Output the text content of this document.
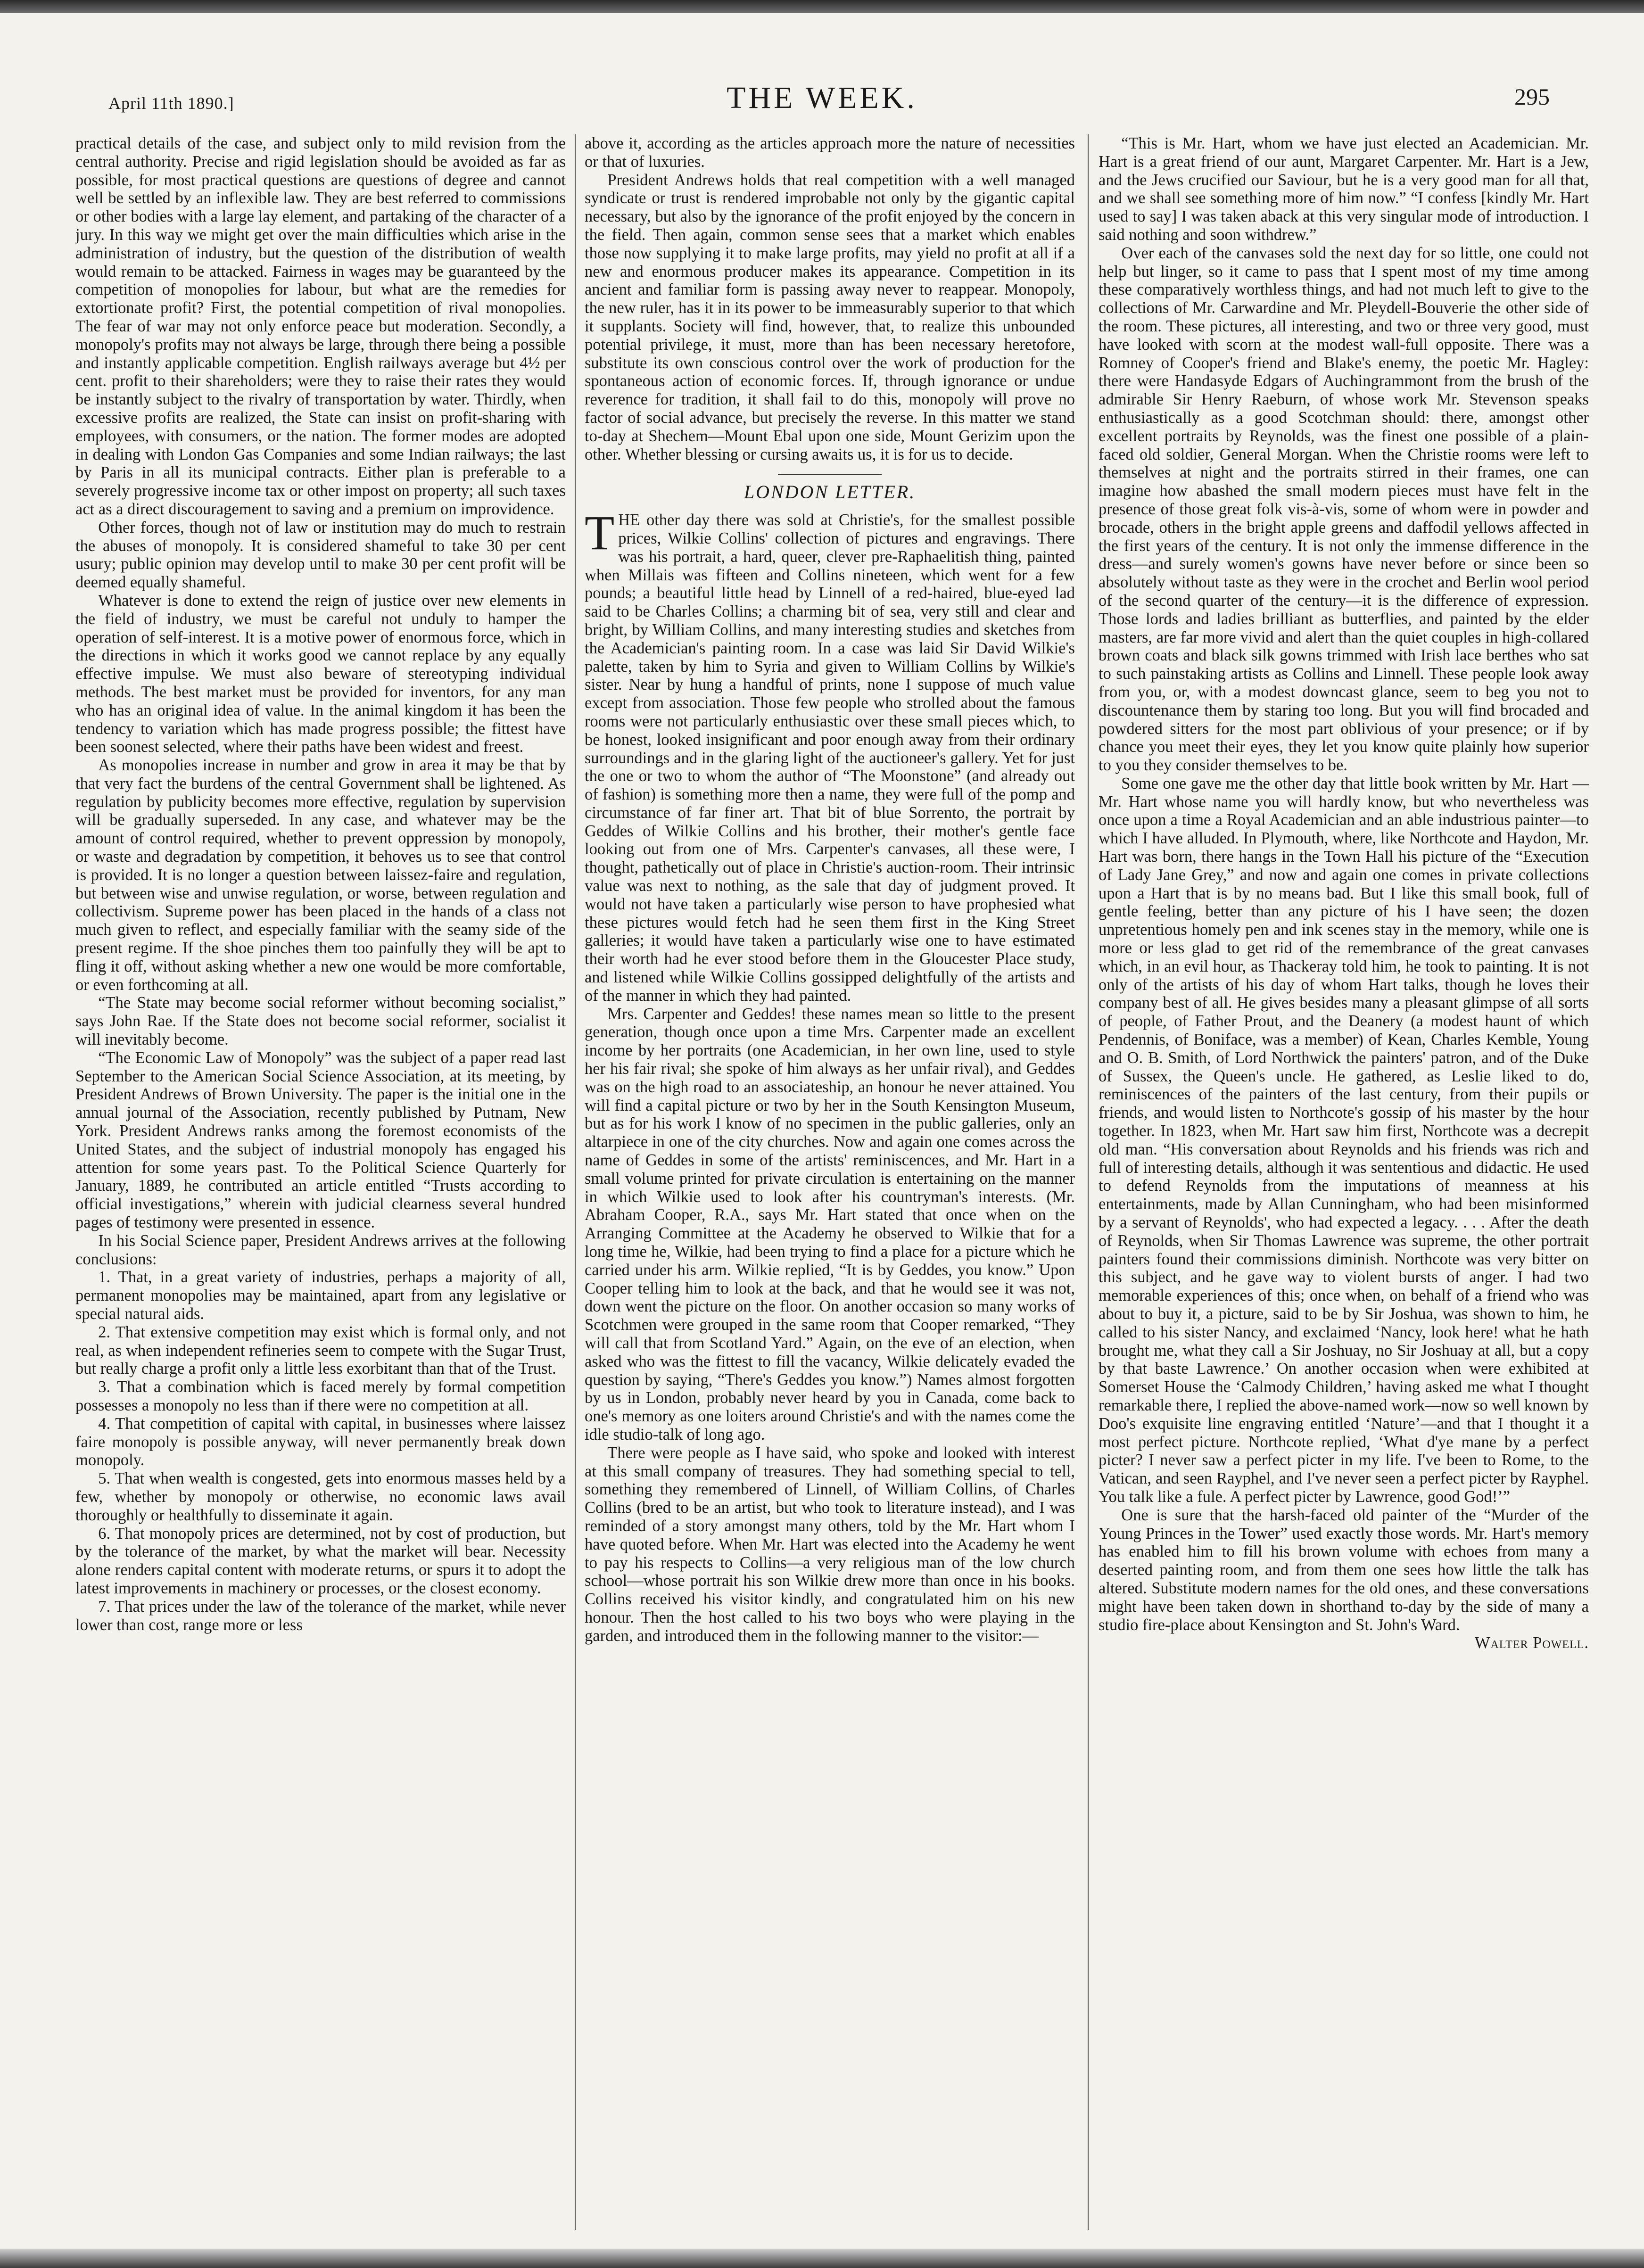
April 11th 1890.]	THE WEEK.	295

practical details of the case, and subject only to mild revision from the central authority. Precise and rigid legislation should be avoided as far as possible, for most practical questions are questions of degree and cannot well be settled by an inflexible law. They are best referred to commissions or other bodies with a large lay element, and partaking of the character of a jury. In this way we might get over the main difficulties which arise in the administration of industry, but the question of the distribution of wealth would remain to be attacked. Fairness in wages may be guaranteed by the competition of monopolies for labour, but what are the remedies for extortionate profit? First, the potential competition of rival monopolies. The fear of war may not only enforce peace but moderation. Secondly, a monopoly's profits may not always be large, through there being a possible and instantly applicable competition. English railways average but 4½ per cent. profit to their shareholders; were they to raise their rates they would be instantly subject to the rivalry of transportation by water. Thirdly, when excessive profits are realized, the State can insist on profit-sharing with employees, with consumers, or the nation. The former modes are adopted in dealing with London Gas Companies and some Indian railways; the last by Paris in all its municipal contracts. Either plan is preferable to a severely progressive income tax or other impost on property; all such taxes act as a direct discouragement to saving and a premium on improvidence.

Other forces, though not of law or institution may do much to restrain the abuses of monopoly. It is considered shameful to take 30 per cent usury; public opinion may develop until to make 30 per cent profit will be deemed equally shameful.

Whatever is done to extend the reign of justice over new elements in the field of industry, we must be careful not unduly to hamper the operation of self-interest. It is a motive power of enormous force, which in the directions in which it works good we cannot replace by any equally effective impulse. We must also beware of stereotyping individual methods. The best market must be provided for inventors, for any man who has an original idea of value. In the animal kingdom it has been the tendency to variation which has made progress possible; the fittest have been soonest selected, where their paths have been widest and freest.

As monopolies increase in number and grow in area it may be that by that very fact the burdens of the central Government shall be lightened. As regulation by publicity becomes more effective, regulation by supervision will be gradually superseded. In any case, and whatever may be the amount of control required, whether to prevent oppression by monopoly, or waste and degradation by competition, it behoves us to see that control is provided. It is no longer a question between laissez-faire and regulation, but between wise and unwise regulation, or worse, between regulation and collectivism. Supreme power has been placed in the hands of a class not much given to reflect, and especially familiar with the seamy side of the present regime. If the shoe pinches them too painfully they will be apt to fling it off, without asking whether a new one would be more comfortable, or even forthcoming at all.

“The State may become social reformer without becoming socialist,” says John Rae. If the State does not become social reformer, socialist it will inevitably become.

“The Economic Law of Monopoly” was the subject of a paper read last September to the American Social Science Association, at its meeting, by President Andrews of Brown University. The paper is the initial one in the annual journal of the Association, recently published by Putnam, New York. President Andrews ranks among the foremost economists of the United States, and the subject of industrial monopoly has engaged his attention for some years past. To the Political Science Quarterly for January, 1889, he contributed an article entitled “Trusts according to official investigations,” wherein with judicial clearness several hundred pages of testimony were presented in essence.

In his Social Science paper, President Andrews arrives at the following conclusions:

1. That, in a great variety of industries, perhaps a majority of all, permanent monopolies may be maintained, apart from any legislative or special natural aids.

2. That extensive competition may exist which is formal only, and not real, as when independent refineries seem to compete with the Sugar Trust, but really charge a profit only a little less exorbitant than that of the Trust.

3. That a combination which is faced merely by formal competition possesses a monopoly no less than if there were no competition at all.

4. That competition of capital with capital, in businesses where laissez faire monopoly is possible anyway, will never permanently break down monopoly.

5. That when wealth is congested, gets into enormous masses held by a few, whether by monopoly or otherwise, no economic laws avail thoroughly or healthfully to disseminate it again.

6. That monopoly prices are determined, not by cost of production, but by the tolerance of the market, by what the market will bear. Necessity alone renders capital content with moderate returns, or spurs it to adopt the latest improvements in machinery or processes, or the closest economy.

7. That prices under the law of the tolerance of the market, while never lower than cost, range more or less

above it, according as the articles approach more the nature of necessities or that of luxuries.

President Andrews holds that real competition with a well managed syndicate or trust is rendered improbable not only by the gigantic capital necessary, but also by the ignorance of the profit enjoyed by the concern in the field. Then again, common sense sees that a market which enables those now supplying it to make large profits, may yield no profit at all if a new and enormous producer makes its appearance. Competition in its ancient and familiar form is passing away never to reappear. Monopoly, the new ruler, has it in its power to be immeasurably superior to that which it supplants. Society will find, however, that, to realize this unbounded potential privilege, it must, more than has been necessary heretofore, substitute its own conscious control over the work of production for the spontaneous action of economic forces. If, through ignorance or undue reverence for tradition, it shall fail to do this, monopoly will prove no factor of social advance, but precisely the reverse. In this matter we stand to-day at Shechem—Mount Ebal upon one side, Mount Gerizim upon the other. Whether blessing or cursing awaits us, it is for us to decide.

LONDON LETTER.

THE other day there was sold at Christie's, for the smallest possible prices, Wilkie Collins' collection of pictures and engravings. There was his portrait, a hard, queer, clever pre-Raphaelitish thing, painted when Millais was fifteen and Collins nineteen, which went for a few pounds; a beautiful little head by Linnell of a red-haired, blue-eyed lad said to be Charles Collins; a charming bit of sea, very still and clear and bright, by William Collins, and many interesting studies and sketches from the Academician's painting room. In a case was laid Sir David Wilkie's palette, taken by him to Syria and given to William Collins by Wilkie's sister. Near by hung a handful of prints, none I suppose of much value except from association. Those few people who strolled about the famous rooms were not particularly enthusiastic over these small pieces which, to be honest, looked insignificant and poor enough away from their ordinary surroundings and in the glaring light of the auctioneer's gallery. Yet for just the one or two to whom the author of “The Moonstone” (and already out of fashion) is something more then a name, they were full of the pomp and circumstance of far finer art. That bit of blue Sorrento, the portrait by Geddes of Wilkie Collins and his brother, their mother's gentle face looking out from one of Mrs. Carpenter's canvases, all these were, I thought, pathetically out of place in Christie's auction-room. Their intrinsic value was next to nothing, as the sale that day of judgment proved. It would not have taken a particularly wise person to have prophesied what these pictures would fetch had he seen them first in the King Street galleries; it would have taken a particularly wise one to have estimated their worth had he ever stood before them in the Gloucester Place study, and listened while Wilkie Collins gossipped delightfully of the artists and of the manner in which they had painted.

Mrs. Carpenter and Geddes! these names mean so little to the present generation, though once upon a time Mrs. Carpenter made an excellent income by her portraits (one Academician, in her own line, used to style her his fair rival; she spoke of him always as her unfair rival), and Geddes was on the high road to an associateship, an honour he never attained. You will find a capital picture or two by her in the South Kensington Museum, but as for his work I know of no specimen in the public galleries, only an altarpiece in one of the city churches. Now and again one comes across the name of Geddes in some of the artists' reminiscences, and Mr. Hart in a small volume printed for private circulation is entertaining on the manner in which Wilkie used to look after his countryman's interests. (Mr. Abraham Cooper, R.A., says Mr. Hart stated that once when on the Arranging Committee at the Academy he observed to Wilkie that for a long time he, Wilkie, had been trying to find a place for a picture which he carried under his arm. Wilkie replied, “It is by Geddes, you know.” Upon Cooper telling him to look at the back, and that he would see it was not, down went the picture on the floor. On another occasion so many works of Scotchmen were grouped in the same room that Cooper remarked, “They will call that from Scotland Yard.” Again, on the eve of an election, when asked who was the fittest to fill the vacancy, Wilkie delicately evaded the question by saying, “There's Geddes you know.”) Names almost forgotten by us in London, probably never heard by you in Canada, come back to one's memory as one loiters around Christie's and with the names come the idle studio-talk of long ago.

There were people as I have said, who spoke and looked with interest at this small company of treasures. They had something special to tell, something they remembered of Linnell, of William Collins, of Charles Collins (bred to be an artist, but who took to literature instead), and I was reminded of a story amongst many others, told by the Mr. Hart whom I have quoted before. When Mr. Hart was elected into the Academy he went to pay his respects to Collins—a very religious man of the low church school—whose portrait his son Wilkie drew more than once in his books. Collins received his visitor kindly, and congratulated him on his new honour. Then the host called to his two boys who were playing in the garden, and introduced them in the following manner to the visitor:—

“This is Mr. Hart, whom we have just elected an Academician. Mr. Hart is a great friend of our aunt, Margaret Carpenter. Mr. Hart is a Jew, and the Jews crucified our Saviour, but he is a very good man for all that, and we shall see something more of him now.” “I confess [kindly Mr. Hart used to say] I was taken aback at this very singular mode of introduction. I said nothing and soon withdrew.”

Over each of the canvases sold the next day for so little, one could not help but linger, so it came to pass that I spent most of my time among these comparatively worthless things, and had not much left to give to the collections of Mr. Carwardine and Mr. Pleydell-Bouverie the other side of the room. These pictures, all interesting, and two or three very good, must have looked with scorn at the modest wall-full opposite. There was a Romney of Cooper's friend and Blake's enemy, the poetic Mr. Hagley: there were Handasyde Edgars of Auchingrammont from the brush of the admirable Sir Henry Raeburn, of whose work Mr. Stevenson speaks enthusiastically as a good Scotchman should: there, amongst other excellent portraits by Reynolds, was the finest one possible of a plain-faced old soldier, General Morgan. When the Christie rooms were left to themselves at night and the portraits stirred in their frames, one can imagine how abashed the small modern pieces must have felt in the presence of those great folk vis-à-vis, some of whom were in powder and brocade, others in the bright apple greens and daffodil yellows affected in the first years of the century. It is not only the immense difference in the dress—and surely women's gowns have never before or since been so absolutely without taste as they were in the crochet and Berlin wool period of the second quarter of the century—it is the difference of expression. Those lords and ladies brilliant as butterflies, and painted by the elder masters, are far more vivid and alert than the quiet couples in high-collared brown coats and black silk gowns trimmed with Irish lace berthes who sat to such painstaking artists as Collins and Linnell. These people look away from you, or, with a modest downcast glance, seem to beg you not to discountenance them by staring too long. But you will find brocaded and powdered sitters for the most part oblivious of your presence; or if by chance you meet their eyes, they let you know quite plainly how superior to you they consider themselves to be.

Some one gave me the other day that little book written by Mr. Hart — Mr. Hart whose name you will hardly know, but who nevertheless was once upon a time a Royal Academician and an able industrious painter—to which I have alluded. In Plymouth, where, like Northcote and Haydon, Mr. Hart was born, there hangs in the Town Hall his picture of the “Execution of Lady Jane Grey,” and now and again one comes in private collections upon a Hart that is by no means bad. But I like this small book, full of gentle feeling, better than any picture of his I have seen; the dozen unpretentious homely pen and ink scenes stay in the memory, while one is more or less glad to get rid of the remembrance of the great canvases which, in an evil hour, as Thackeray told him, he took to painting. It is not only of the artists of his day of whom Hart talks, though he loves their company best of all. He gives besides many a pleasant glimpse of all sorts of people, of Father Prout, and the Deanery (a modest haunt of which Pendennis, of Boniface, was a member) of Kean, Charles Kemble, Young and O. B. Smith, of Lord Northwick the painters' patron, and of the Duke of Sussex, the Queen's uncle. He gathered, as Leslie liked to do, reminiscences of the painters of the last century, from their pupils or friends, and would listen to Northcote's gossip of his master by the hour together. In 1823, when Mr. Hart saw him first, Northcote was a decrepit old man. “His conversation about Reynolds and his friends was rich and full of interesting details, although it was sententious and didactic. He used to defend Reynolds from the imputations of meanness at his entertainments, made by Allan Cunningham, who had been misinformed by a servant of Reynolds', who had expected a legacy. . . . After the death of Reynolds, when Sir Thomas Lawrence was supreme, the other portrait painters found their commissions diminish. Northcote was very bitter on this subject, and he gave way to violent bursts of anger. I had two memorable experiences of this; once when, on behalf of a friend who was about to buy it, a picture, said to be by Sir Joshua, was shown to him, he called to his sister Nancy, and exclaimed ‘Nancy, look here! what he hath brought me, what they call a Sir Joshuay, no Sir Joshuay at all, but a copy by that baste Lawrence.’ On another occasion when were exhibited at Somerset House the ‘Calmody Children,’ having asked me what I thought remarkable there, I replied the above-named work—now so well known by Doo's exquisite line engraving entitled ‘Nature’—and that I thought it a most perfect picture. Northcote replied, ‘What d'ye mane by a perfect picter? I never saw a perfect picter in my life. I've been to Rome, to the Vatican, and seen Rayphel, and I've never seen a perfect picter by Rayphel. You talk like a fule. A perfect picter by Lawrence, good God!’”

One is sure that the harsh-faced old painter of the “Murder of the Young Princes in the Tower” used exactly those words. Mr. Hart's memory has enabled him to fill his brown volume with echoes from many a deserted painting room, and from them one sees how little the talk has altered. Substitute modern names for the old ones, and these conversations might have been taken down in shorthand to-day by the side of many a studio fire-place about Kensington and St. John's Ward.

Walter Powell.
